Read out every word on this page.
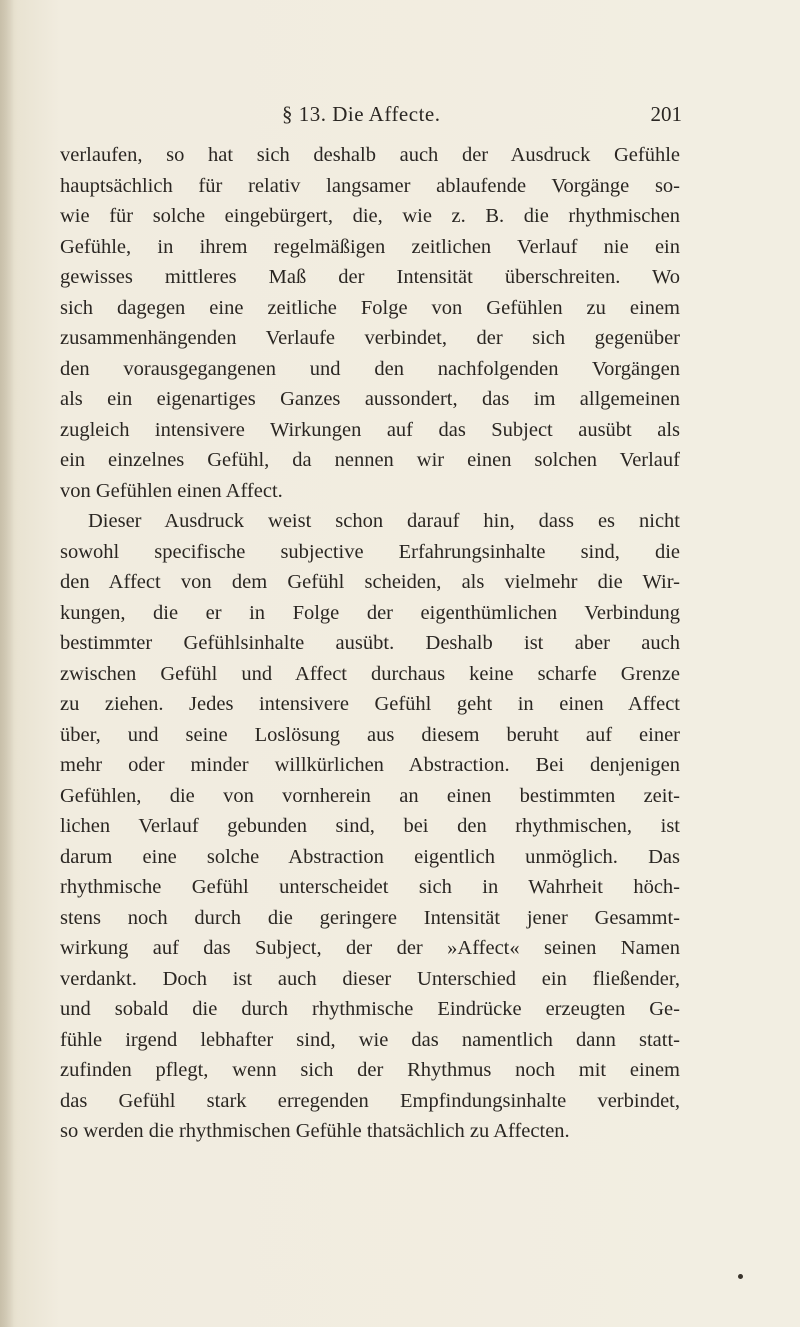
§ 13. Die Affecte.	201
verlaufen, so hat sich deshalb auch der Ausdruck Gefühle
hauptsächlich für relativ langsamer ablaufende Vorgänge so-
wie für solche eingebürgert, die, wie z. B. die rhythmischen
Gefühle, in ihrem regelmäßigen zeitlichen Verlauf nie ein
gewisses mittleres Maß der Intensität überschreiten. Wo
sich dagegen eine zeitliche Folge von Gefühlen zu einem
zusammenhängenden Verlaufe verbindet, der sich gegenüber
den vorausgegangenen und den nachfolgenden Vorgängen
als ein eigenartiges Ganzes aussondert, das im allgemeinen
zugleich intensivere Wirkungen auf das Subject ausübt als
ein einzelnes Gefühl, da nennen wir einen solchen Verlauf
von Gefühlen einen Affect.
Dieser Ausdruck weist schon darauf hin, dass es nicht
sowohl specifische subjective Erfahrungsinhalte sind, die
den Affect von dem Gefühl scheiden, als vielmehr die Wir-
kungen, die er in Folge der eigenthümlichen Verbindung
bestimmter Gefühlsinhalte ausübt. Deshalb ist aber auch
zwischen Gefühl und Affect durchaus keine scharfe Grenze
zu ziehen. Jedes intensivere Gefühl geht in einen Affect
über, und seine Loslösung aus diesem beruht auf einer
mehr oder minder willkürlichen Abstraction. Bei denjenigen
Gefühlen, die von vornherein an einen bestimmten zeit-
lichen Verlauf gebunden sind, bei den rhythmischen, ist
darum eine solche Abstraction eigentlich unmöglich. Das
rhythmische Gefühl unterscheidet sich in Wahrheit höch-
stens noch durch die geringere Intensität jener Gesammt-
wirkung auf das Subject, der der »Affect« seinen Namen
verdankt. Doch ist auch dieser Unterschied ein fließender,
und sobald die durch rhythmische Eindrücke erzeugten Ge-
fühle irgend lebhafter sind, wie das namentlich dann statt-
zufinden pflegt, wenn sich der Rhythmus noch mit einem
das Gefühl stark erregenden Empfindungsinhalte verbindet,
so werden die rhythmischen Gefühle thatsächlich zu Affecten.
